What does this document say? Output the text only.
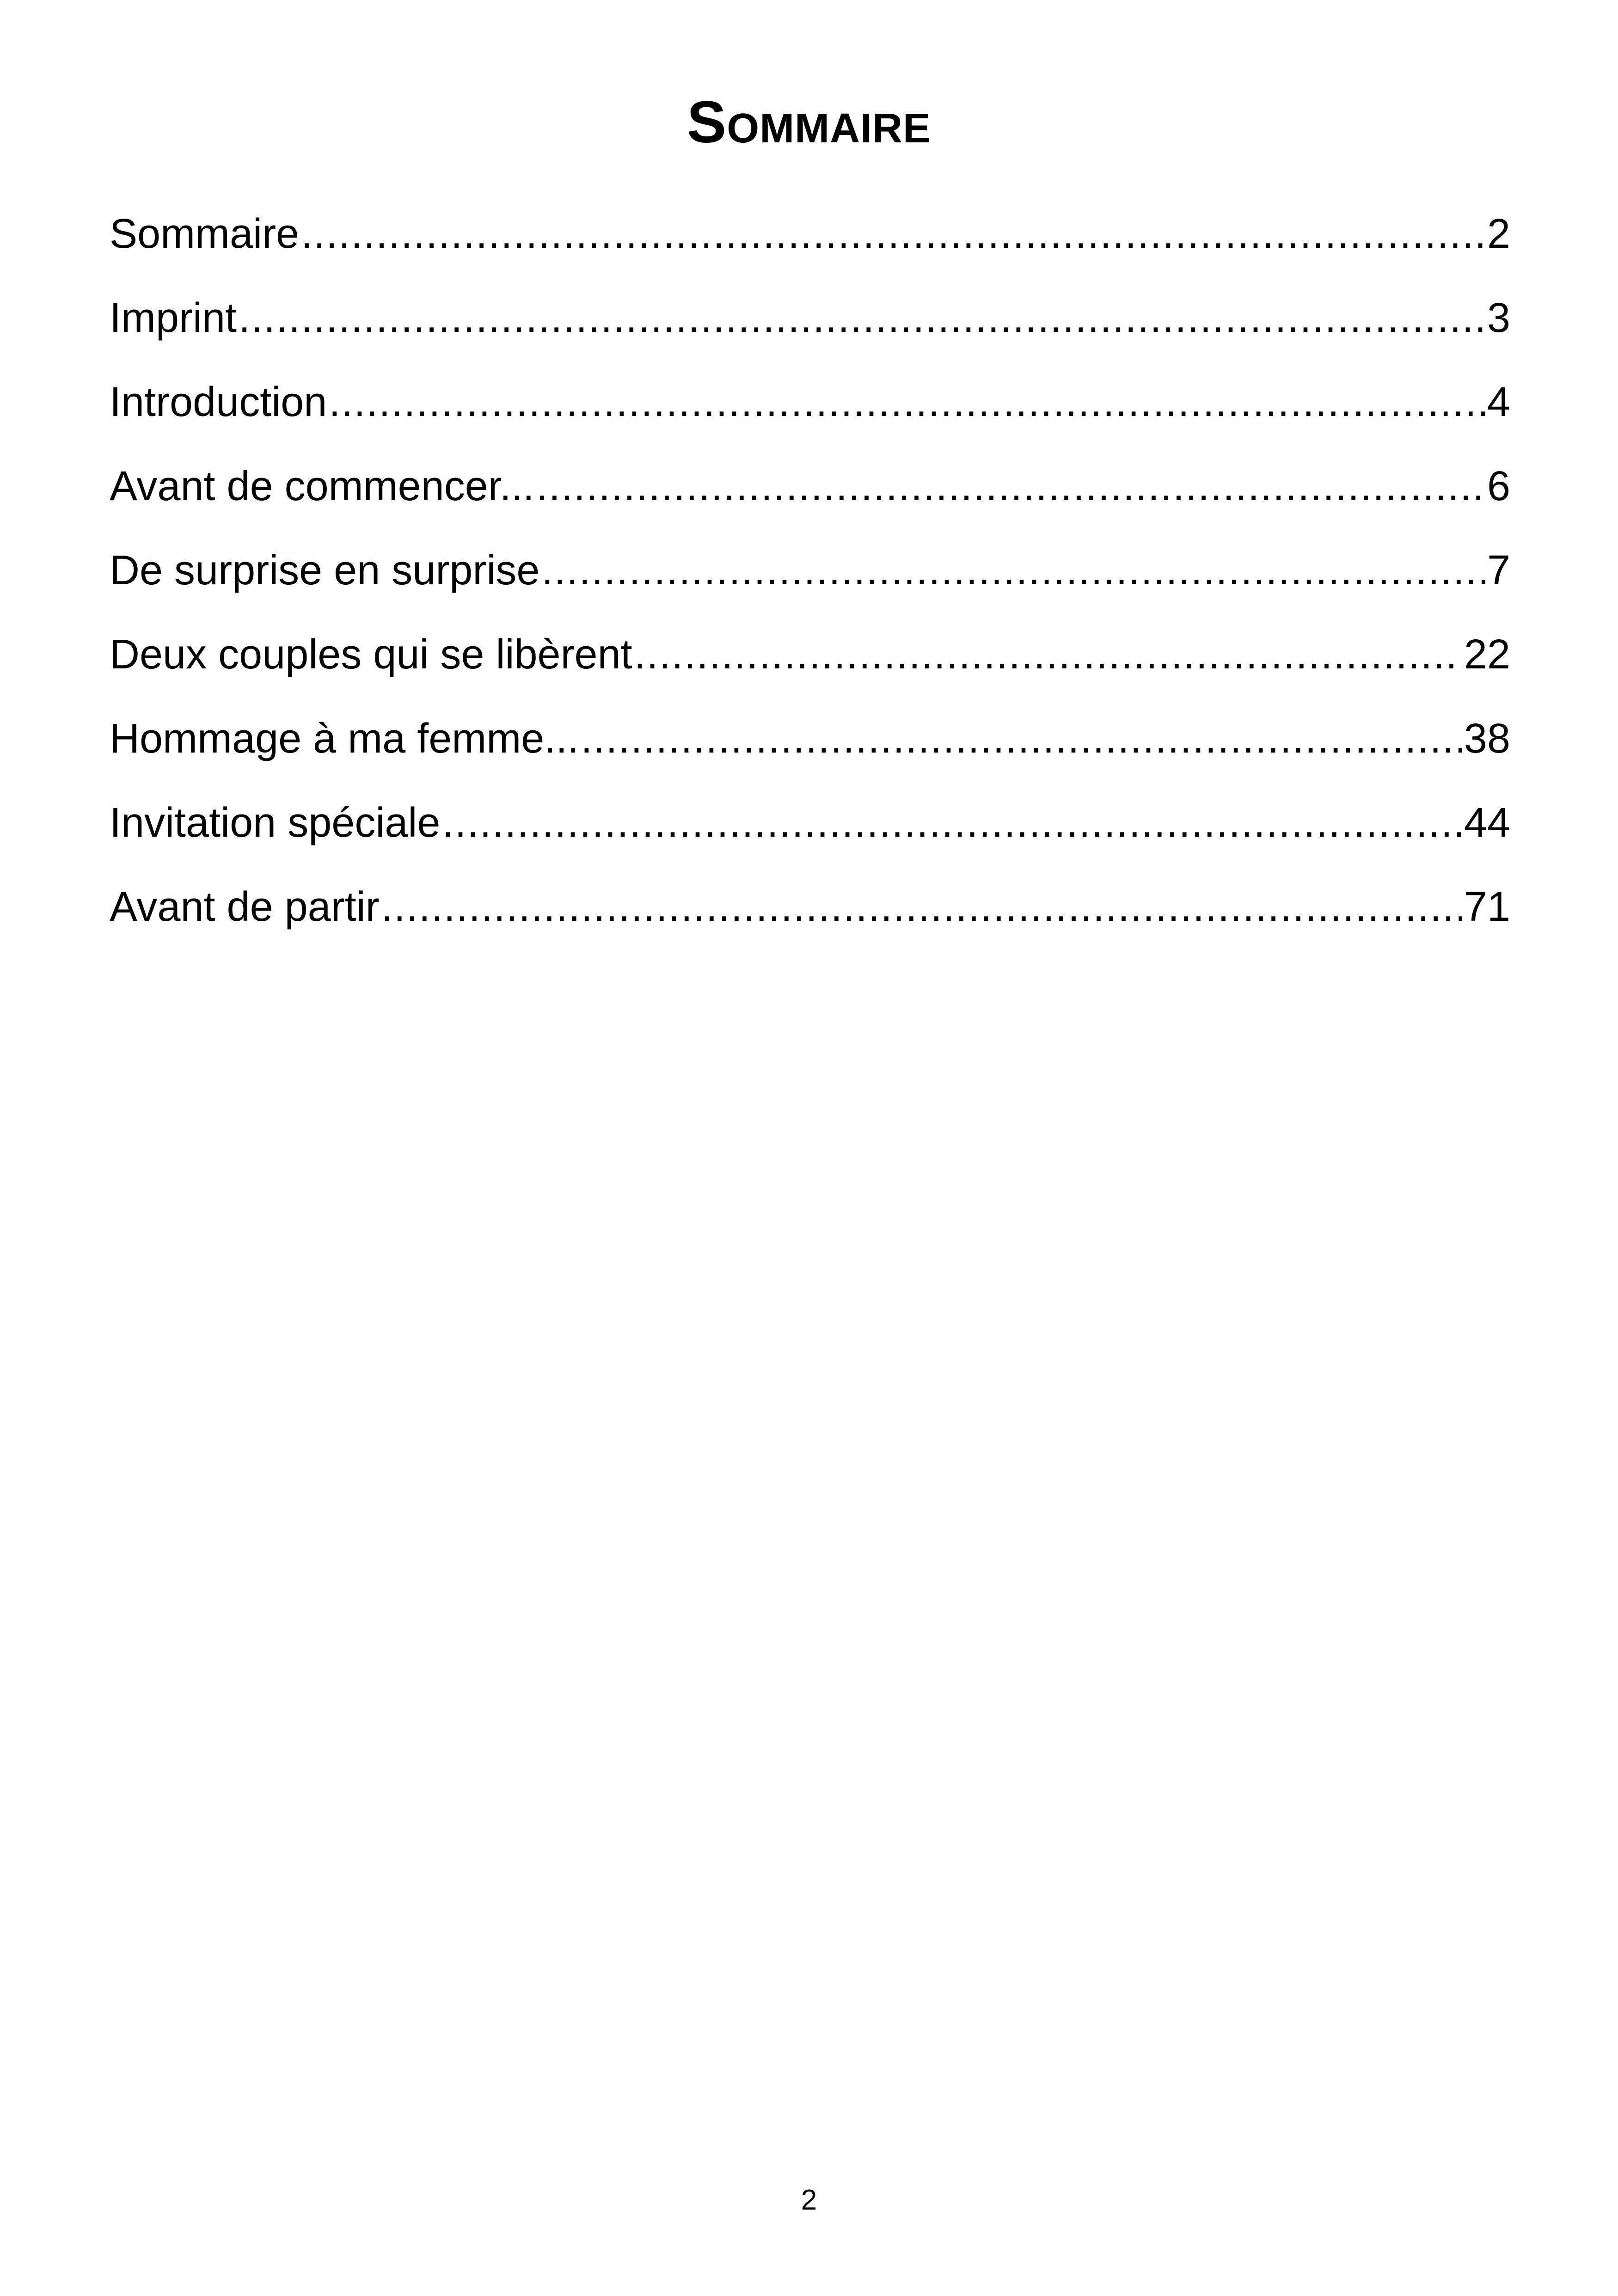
Sommaire
Sommaire .....	2
Imprint .....	3
Introduction .....	4
Avant de commencer... .....	6
De surprise en surprise .....	7
Deux couples qui se libèrent .....	22
Hommage à ma femme... .....	38
Invitation spéciale .....	44
Avant de partir .....	71
2
